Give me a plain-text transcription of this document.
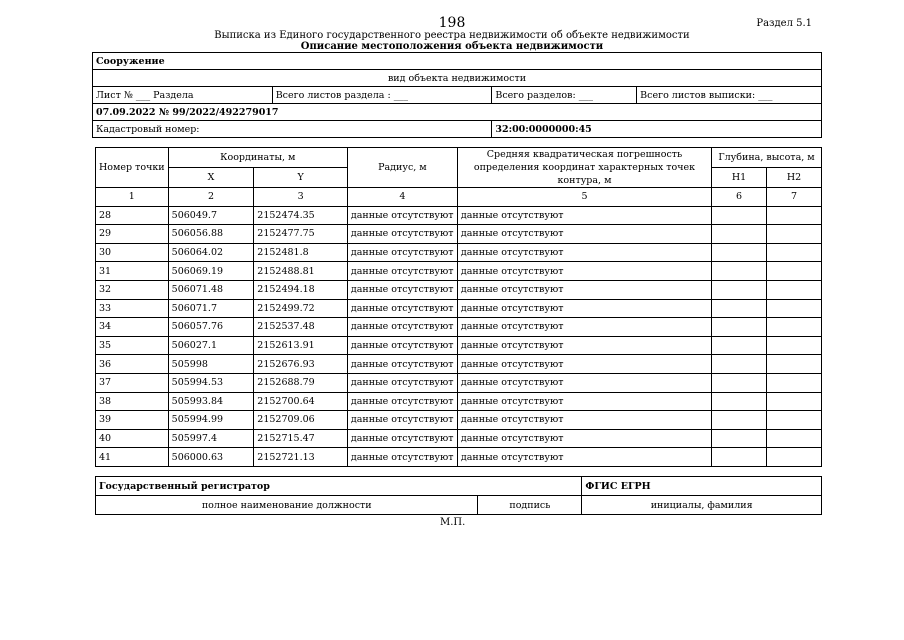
198	Раздел 5.1
Выписка из Единого государственного реестра недвижимости об объекте недвижимости
Описание местоположения объекта недвижимости
Сооружение			
вид объекта недвижимости			
Лист № ___ Раздела	Всего листов раздела : ___	Всего разделов: ___	Всего листов выписки: ___
07.09.2022 № 99/2022/492279017			
Кадастровый номер:		32:00:0000000:45	
Номер точки	Координаты, м		Радиус, м	Средняя квадратическая погрешность определения координат характерных точек контура, м	Глубина, высота, м	
	X	Y			H1	H2
1	2	3	4	5	6	7
28	506049.7	2152474.35	данные отсутствуют	данные отсутствуют		
29	506056.88	2152477.75	данные отсутствуют	данные отсутствуют		
30	506064.02	2152481.8	данные отсутствуют	данные отсутствуют		
31	506069.19	2152488.81	данные отсутствуют	данные отсутствуют		
32	506071.48	2152494.18	данные отсутствуют	данные отсутствуют		
33	506071.7	2152499.72	данные отсутствуют	данные отсутствуют		
34	506057.76	2152537.48	данные отсутствуют	данные отсутствуют		
35	506027.1	2152613.91	данные отсутствуют	данные отсутствуют		
36	505998	2152676.93	данные отсутствуют	данные отсутствуют		
37	505994.53	2152688.79	данные отсутствуют	данные отсутствуют		
38	505993.84	2152700.64	данные отсутствуют	данные отсутствуют		
39	505994.99	2152709.06	данные отсутствуют	данные отсутствуют		
40	505997.4	2152715.47	данные отсутствуют	данные отсутствуют		
41	506000.63	2152721.13	данные отсутствуют	данные отсутствуют		
Государственный регистратор		ФГИС ЕГРН
полное наименование должности	подпись	инициалы, фамилия
М.П.
